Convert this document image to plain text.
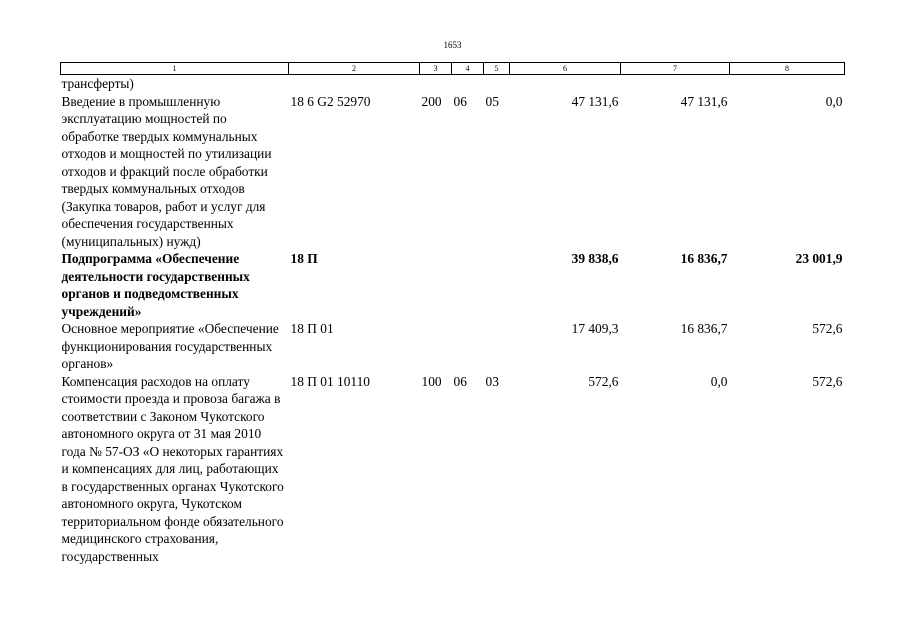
1653
1	2	3	4	5	6	7	8
трансферты)							
Введение в промышленную эксплуатацию мощностей по обработке твердых коммунальных отходов и мощностей по утилизации отходов и фракций после обработки твердых коммунальных отходов (Закупка товаров, работ и услуг для обеспечения государственных (муниципальных) нужд)	18 6 G2 52970	200	06	05	47 131,6	47 131,6	0,0
Подпрограмма «Обеспечение деятельности государственных органов и подведомственных учреждений»	18 П				39 838,6	16 836,7	23 001,9
Основное мероприятие «Обеспечение функционирования государственных органов»	18 П 01				17 409,3	16 836,7	572,6
Компенсация расходов на оплату стоимости проезда и провоза багажа в соответствии с Законом Чукотского автономного округа от 31 мая 2010 года № 57-ОЗ «О некоторых гарантиях и компенсациях для лиц, работающих в государственных органах Чукотского автономного округа, Чукотском территориальном фонде обязательного медицинского страхования, государственных	18 П 01 10110	100	06	03	572,6	0,0	572,6
